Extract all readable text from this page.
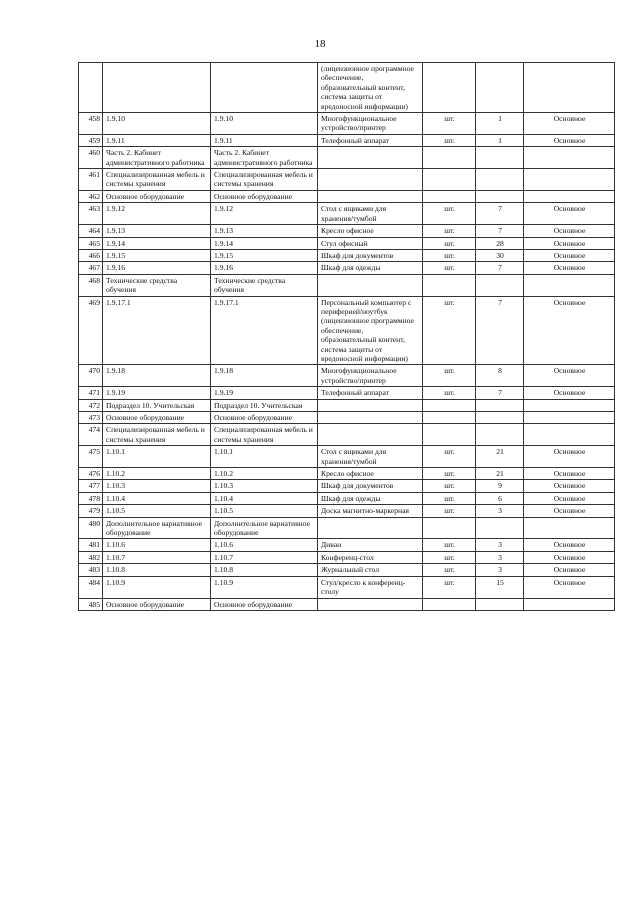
18
			(лицензионное программное обеспечение, образовательный контент, система защиты от вредоносной информации)			
458	1.9.10	1.9.10	Многофункциональное устройство/принтер	шт.	1	Основное
459	1.9.11	1.9.11	Телефонный аппарат	шт.	1	Основное
460	Часть 2. Кабинет административного работника	Часть 2. Кабинет административного работника				
461	Специализированная мебель и системы хранения	Специализированная мебель и системы хранения				
462	Основное оборудование	Основное оборудование				
463	1.9.12	1.9.12	Стол с ящиками для хранения/тумбой	шт.	7	Основное
464	1.9.13	1.9.13	Кресло офисное	шт.	7	Основное
465	1.9.14	1.9.14	Стул офисный	шт.	28	Основное
466	1.9.15	1.9.15	Шкаф для документов	шт.	30	Основное
467	1.9.16	1.9.16	Шкаф для одежды	шт.	7	Основное
468	Технические средства обучения	Технические средства обучения				
469	1.9.17.1	1.9.17.1	Персональный компьютер с периферией/ноутбук (лицензионное программное обеспечение, образовательный контент, система защиты от вредоносной информации)	шт.	7	Основное
470	1.9.18	1.9.18	Многофункциональное устройство/принтер	шт.	8	Основное
471	1.9.19	1.9.19	Телефонный аппарат	шт.	7	Основное
472	Подраздел 10. Учительская	Подраздел 10. Учительская				
473	Основное оборудование	Основное оборудование				
474	Специализированная мебель и системы хранения	Специализированная мебель и системы хранения				
475	1.10.1	1.10.1	Стол с ящиками для хранения/тумбой	шт.	21	Основное
476	1.10.2	1.10.2	Кресло офисное	шт.	21	Основное
477	1.10.3	1.10.3	Шкаф для документов	шт.	9	Основное
478	1.10.4	1.10.4	Шкаф для одежды	шт.	6	Основное
479	1.10.5	1.10.5	Доска магнитно-маркерная	шт.	3	Основное
480	Дополнительное вариативное оборудование	Дополнительное вариативное оборудование				
481	1.10.6	1.10.6	Диван	шт.	3	Основное
482	1.10.7	1.10.7	Конференц-стол	шт.	3	Основное
483	1.10.8	1.10.8	Журнальный стол	шт.	3	Основное
484	1.10.9	1.10.9	Стул/кресло к конференц-столу	шт.	15	Основное
485	Основное оборудование	Основное оборудование				
